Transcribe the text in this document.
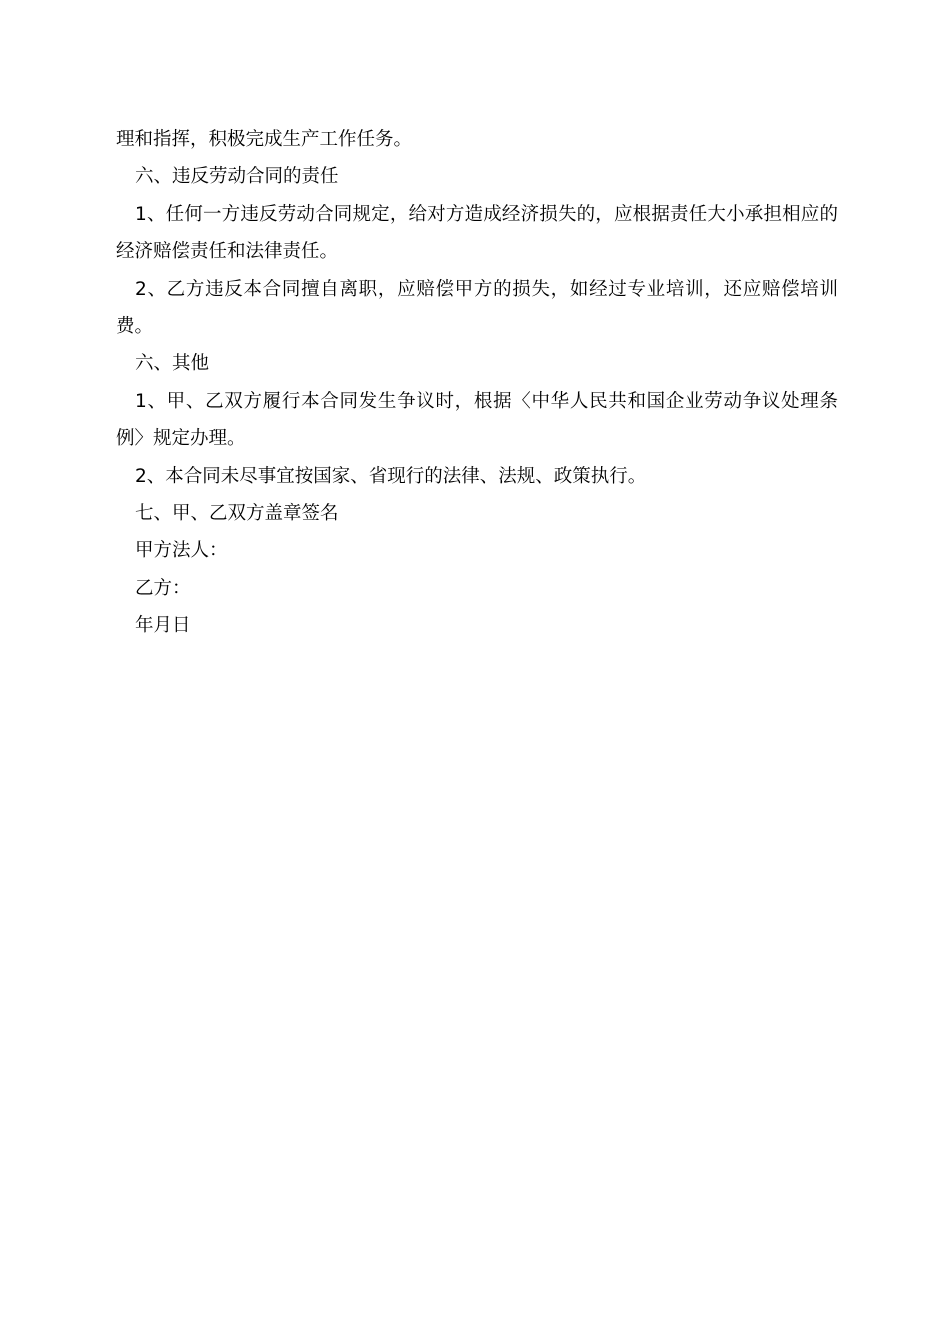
理和指挥，积极完成生产工作任务。

六、违反劳动合同的责任

1、任何一方违反劳动合同规定，给对方造成经济损失的，应根据责任大小承担相应的经济赔偿责任和法律责任。

2、乙方违反本合同擅自离职，应赔偿甲方的损失，如经过专业培训，还应赔偿培训费。

六、其他

1、甲、乙双方履行本合同发生争议时，根据〈中华人民共和国企业劳动争议处理条例〉规定办理。

2、本合同未尽事宜按国家、省现行的法律、法规、政策执行。

七、甲、乙双方盖章签名

甲方法人：

乙方：

年月日
